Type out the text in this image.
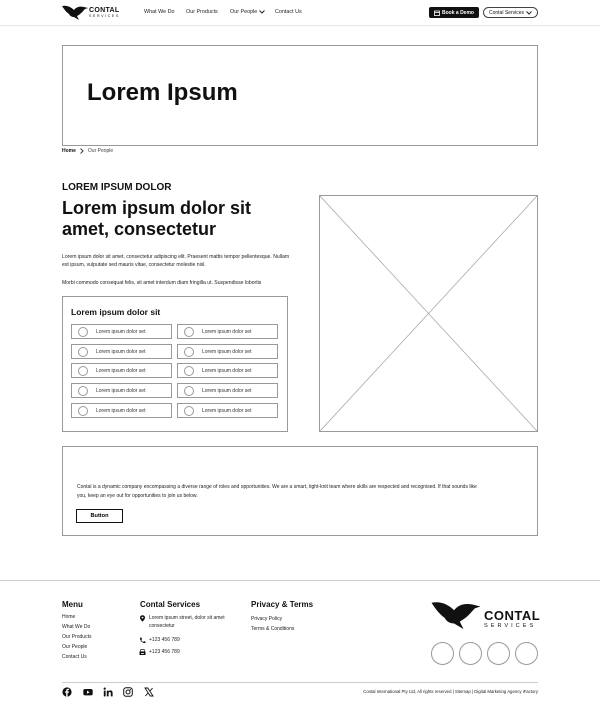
CONTAL
SERVICES
What We Do Our Products Our People	Contact Us	Book a Demo	Contal Services
Lorem Ipsum
Home Our People
LOREM IPSUM DOLOR
Lorem ipsum dolor sit amet, consectetur
Lorem ipsum dolor sit amet, consectetur adipiscing elit. Praesent mattis tempor pellentesque. Nullam est ipsum, vulputate sed mauris vitae, consectetur molestie nisl.
Morbi commodo consequat felis, sit amet interdum diam fringilla ut. Suspendisse lobortis
Lorem ipsum dolor sit
Lorem ipsum dolor set	Lorem ipsum dolor set
Lorem ipsum dolor set	Lorem ipsum dolor set
Lorem ipsum dolor set	Lorem ipsum dolor set
Lorem ipsum dolor set	Lorem ipsum dolor set
Lorem ipsum dolor set	Lorem ipsum dolor set
Contal is a dynamic company encompassing a diverse range of roles and opportunities. We are a smart, tight-knit team where skills are respected and recognised. If that sounds like you, keep an eye out for opportunities to join us below.
Button
Menu
Home
What We Do
Our Products
Our People
Contact Us
Contal Services
Lorem ipsum street, dolor sit amet consectetur
+123 456 789
+123 456 789
Privacy & Terms
Privacy Policy
Terms & Conditions
CONTAL
SERVICES
Contal International Pty Ltd, All rights reserved | Sitemap | Digital Marketing Agency iFactory
